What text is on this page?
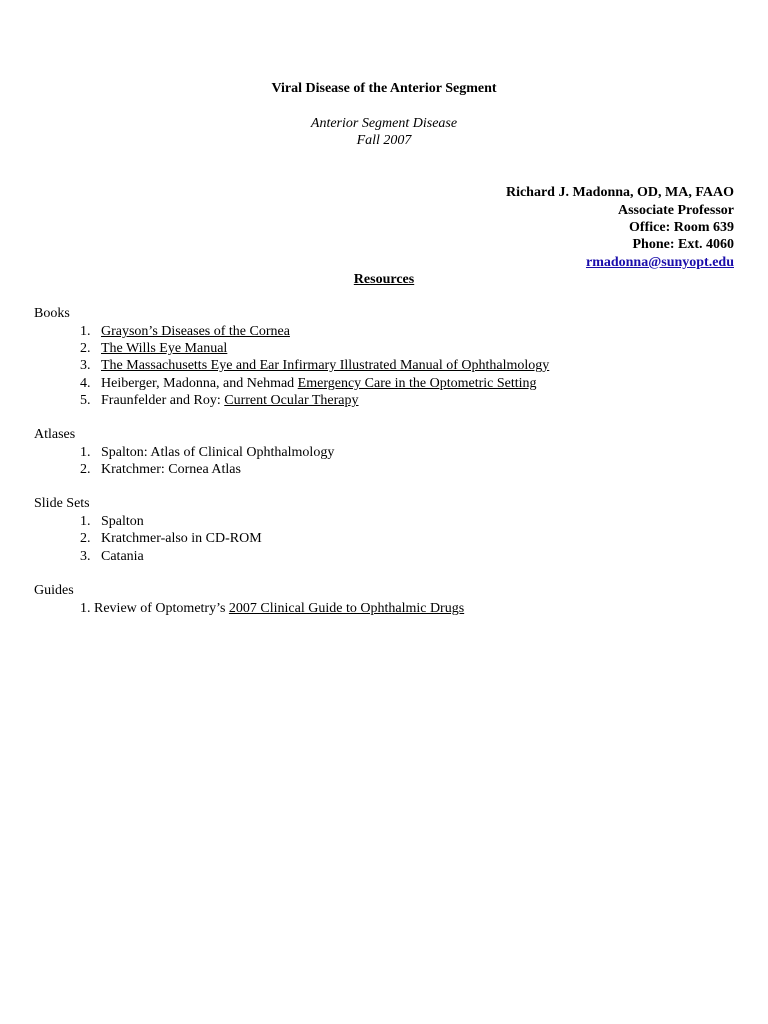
Viral Disease of the Anterior Segment
Anterior Segment Disease
Fall 2007
Richard J. Madonna, OD, MA, FAAO
Associate Professor
Office: Room 639
Phone: Ext. 4060
rmadonna@sunyopt.edu
Resources
Books
1. Grayson’s Diseases of the Cornea
2. The Wills Eye Manual
3. The Massachusetts Eye and Ear Infirmary Illustrated Manual of Ophthalmology
4. Heiberger, Madonna, and Nehmad Emergency Care in the Optometric Setting
5. Fraunfelder and Roy: Current Ocular Therapy
Atlases
1. Spalton: Atlas of Clinical Ophthalmology
2. Kratchmer: Cornea Atlas
Slide Sets
1. Spalton
2. Kratchmer-also in CD-ROM
3. Catania
Guides
1. Review of Optometry’s 2007 Clinical Guide to Ophthalmic Drugs
